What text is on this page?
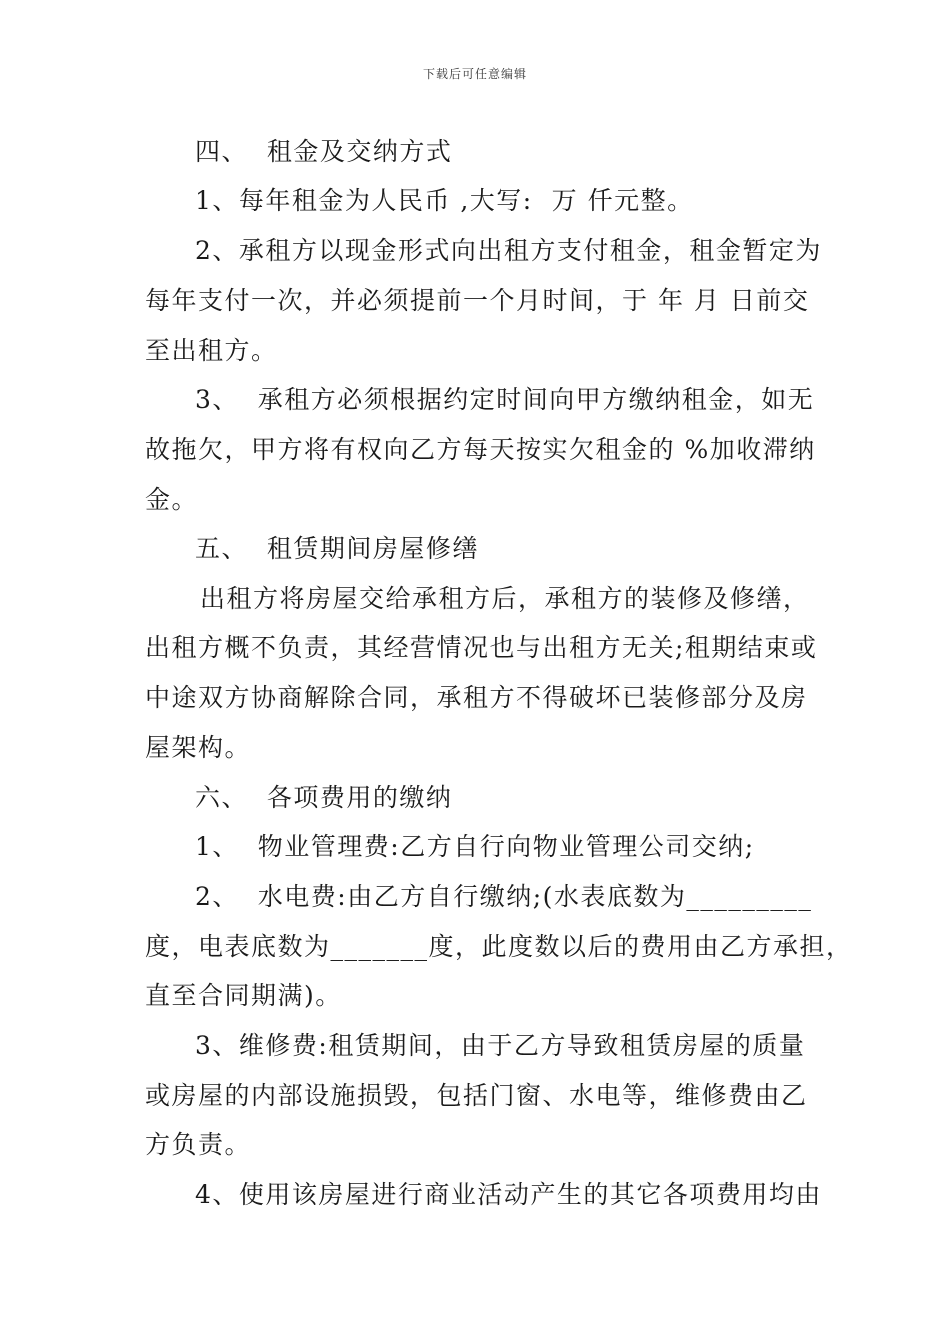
下载后可任意编辑
四、  租金及交纳方式
1、每年租金为人民币 ,大写:  万 仟元整。
2、承租方以现金形式向出租方支付租金，租金暂定为
每年支付一次，并必须提前一个月时间，于 年 月 日前交
至出租方。
3、  承租方必须根据约定时间向甲方缴纳租金，如无
故拖欠，甲方将有权向乙方每天按实欠租金的 %加收滞纳
金。
五、  租赁期间房屋修缮
出租方将房屋交给承租方后，承租方的装修及修缮，
出租方概不负责，其经营情况也与出租方无关;租期结束或
中途双方协商解除合同，承租方不得破坏已装修部分及房
屋架构。
六、  各项费用的缴纳
1、  物业管理费:乙方自行向物业管理公司交纳;
2、  水电费:由乙方自行缴纳;(水表底数为_________
度，电表底数为_______度，此度数以后的费用由乙方承担，
直至合同期满)。
3、维修费:租赁期间，由于乙方导致租赁房屋的质量
或房屋的内部设施损毁，包括门窗、水电等，维修费由乙
方负责。
4、使用该房屋进行商业活动产生的其它各项费用均由
